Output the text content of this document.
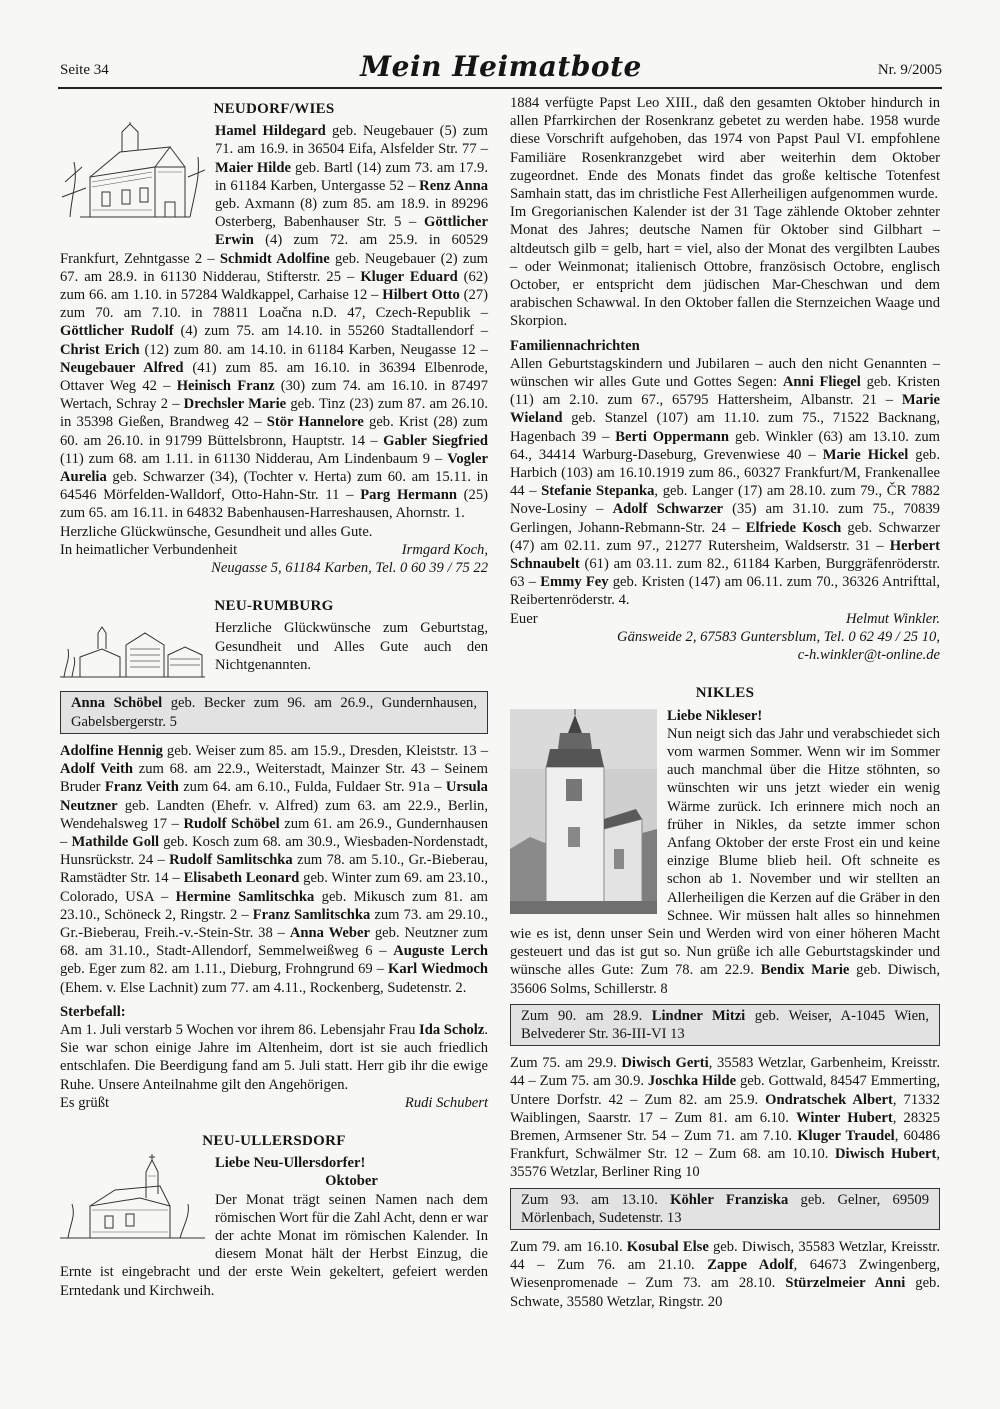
Seite 34	Mein Heimatbote	Nr. 9/2005
NEUDORF/WIES

Hamel Hildegard geb. Neugebauer (5) zum 71. am 16.9. in 36504 Eifa, Alsfelder Str. 77 – Maier Hilde geb. Bartl (14) zum 73. am 17.9. in 61184 Karben, Untergasse 52 – Renz Anna geb. Axmann (8) zum 85. am 18.9. in 89296 Osterberg, Babenhauser Str. 5 – Göttlicher Erwin (4) zum 72. am 25.9. in 60529 Frankfurt, Zehntgasse 2 – Schmidt Adolfine geb. Neugebauer (2) zum 67. am 28.9. in 61130 Nidderau, Stifterstr. 25 – Kluger Eduard (62) zum 66. am 1.10. in 57284 Waldkappel, Carhaise 12 – Hilbert Otto (27) zum 70. am 7.10. in 78811 Loačna n.D. 47, Czech-Republik – Göttlicher Rudolf (4) zum 75. am 14.10. in 55260 Stadtallendorf – Christ Erich (12) zum 80. am 14.10. in 61184 Karben, Neugasse 12 – Neugebauer Alfred (41) zum 85. am 16.10. in 36394 Elbenrode, Ottaver Weg 42 – Heinisch Franz (30) zum 74. am 16.10. in 87497 Wertach, Schray 2 – Drechsler Marie geb. Tinz (23) zum 87. am 26.10. in 35398 Gießen, Brandweg 42 – Stör Hannelore geb. Krist (28) zum 60. am 26.10. in 91799 Büttelsbronn, Hauptstr. 14 – Gabler Siegfried (11) zum 68. am 1.11. in 61130 Nidderau, Am Lindenbaum 9 – Vogler Aurelia geb. Schwarzer (34), (Tochter v. Herta) zum 60. am 15.11. in 64546 Mörfelden-Walldorf, Otto-Hahn-Str. 11 – Parg Hermann (25) zum 65. am 16.11. in 64832 Babenhausen-Harreshausen, Ahornstr. 1.

Herzliche Glückwünsche, Gesundheit und alles Gute.

In heimatlicher Verbundenheit	Irmgard Koch,

Neugasse 5, 61184 Karben, Tel. 0 60 39 / 75 22

NEU-RUMBURG

Herzliche Glückwünsche zum Geburtstag, Gesundheit und Alles Gute auch den Nichtgenannten.

Anna Schöbel geb. Becker zum 96. am 26.9., Gundernhausen, Gabelsbergerstr. 5

Adolfine Hennig geb. Weiser zum 85. am 15.9., Dresden, Kleiststr. 13 – Adolf Veith zum 68. am 22.9., Weiterstadt, Mainzer Str. 43 – Seinem Bruder Franz Veith zum 64. am 6.10., Fulda, Fuldaer Str. 91a – Ursula Neutzner geb. Landten (Ehefr. v. Alfred) zum 63. am 22.9., Berlin, Wendehalsweg 17 – Rudolf Schöbel zum 61. am 26.9., Gundernhausen – Mathilde Goll geb. Kosch zum 68. am 30.9., Wiesbaden-Nordenstadt, Hunsrückstr. 24 – Rudolf Samlitschka zum 78. am 5.10., Gr.-Bieberau, Ramstädter Str. 14 – Elisabeth Leonard geb. Winter zum 69. am 23.10., Colorado, USA – Hermine Samlitschka geb. Mikusch zum 81. am 23.10., Schöneck 2, Ringstr. 2 – Franz Samlitschka zum 73. am 29.10., Gr.-Bieberau, Freih.-v.-Stein-Str. 38 – Anna Weber geb. Neutzner zum 68. am 31.10., Stadt-Allendorf, Semmelweißweg 6 – Auguste Lerch geb. Eger zum 82. am 1.11., Dieburg, Frohngrund 69 – Karl Wiedmoch (Ehem. v. Else Lachnit) zum 77. am 4.11., Rockenberg, Sudetenstr. 2.

Sterbefall:

Am 1. Juli verstarb 5 Wochen vor ihrem 86. Lebensjahr Frau Ida Scholz. Sie war schon einige Jahre im Altenheim, dort ist sie auch friedlich entschlafen. Die Beerdigung fand am 5. Juli statt. Herr gib ihr die ewige Ruhe. Unsere Anteilnahme gilt den Angehörigen.

Es grüßt	Rudi Schubert
NEU-ULLERSDORF

Liebe Neu-Ullersdorfer!

Oktober

Der Monat trägt seinen Namen nach dem römischen Wort für die Zahl Acht, denn er war der achte Monat im römischen Kalender. In diesem Monat hält der Herbst Einzug, die Ernte ist eingebracht und der erste Wein gekeltert, gefeiert werden Erntedank und Kirchweih.

1884 verfügte Papst Leo XIII., daß den gesamten Oktober hindurch in allen Pfarrkirchen der Rosenkranz gebetet zu werden habe. 1958 wurde diese Vorschrift aufgehoben, das 1974 von Papst Paul VI. empfohlene Familiäre Rosenkranzgebet wird aber weiterhin dem Oktober zugeordnet. Ende des Monats findet das große keltische Totenfest Samhain statt, das im christliche Fest Allerheiligen aufgenommen wurde.

Im Gregorianischen Kalender ist der 31 Tage zählende Oktober zehnter Monat des Jahres; deutsche Namen für Oktober sind Gilbhart – altdeutsch gilb = gelb, hart = viel, also der Monat des vergilbten Laubes – oder Weinmonat; italienisch Ottobre, französisch Octobre, englisch October, er entspricht dem jüdischen Mar-Cheschwan und dem arabischen Schawwal. In den Oktober fallen die Sternzeichen Waage und Skorpion.

Familiennachrichten

Allen Geburtstagskindern und Jubilaren – auch den nicht Genannten – wünschen wir alles Gute und Gottes Segen: Anni Fliegel geb. Kristen (11) am 2.10. zum 67., 65795 Hattersheim, Albanstr. 21 – Marie Wieland geb. Stanzel (107) am 11.10. zum 75., 71522 Backnang, Hagenbach 39 – Berti Oppermann geb. Winkler (63) am 13.10. zum 64., 34414 Warburg-Daseburg, Grevenwiese 40 – Marie Hickel geb. Harbich (103) am 16.10.1919 zum 86., 60327 Frankfurt/M, Frankenallee 44 – Stefanie Stepanka, geb. Langer (17) am 28.10. zum 79., ČR 7882 Nove-Losiny – Adolf Schwarzer (35) am 31.10. zum 75., 70839 Gerlingen, Johann-Rebmann-Str. 24 – Elfriede Kosch geb. Schwarzer (47) am 02.11. zum 97., 21277 Rutersheim, Waldserstr. 31 – Herbert Schnaubelt (61) am 03.11. zum 82., 61184 Karben, Burggräfenröderstr. 63 – Emmy Fey geb. Kristen (147) am 06.11. zum 70., 36326 Antrifttal, Reibertenröderstr. 4.

Euer	Helmut Winkler.

Gänsweide 2, 67583 Guntersblum, Tel. 0 62 49 / 25 10,

c-h.winkler@t-online.de

NIKLES

Liebe Nikleser!

Nun neigt sich das Jahr und verabschiedet sich vom warmen Sommer. Wenn wir im Sommer auch manchmal über die Hitze stöhnten, so wünschten wir uns jetzt wieder ein wenig Wärme zurück. Ich erinnere mich noch an früher in Nikles, da setzte immer schon Anfang Oktober der erste Frost ein und keine einzige Blume blieb heil. Oft schneite es schon ab 1. November und wir stellten an Allerheiligen die Kerzen auf die Gräber in den Schnee. Wir müssen halt alles so hinnehmen wie es ist, denn unser Sein und Werden wird von einer höheren Macht gesteuert und das ist gut so. Nun grüße ich alle Geburtstagskinder und wünsche alles Gute: Zum 78. am 22.9. Bendix Marie geb. Diwisch, 35606 Solms, Schillerstr. 8

Zum 90. am 28.9. Lindner Mitzi geb. Weiser, A-1045 Wien, Belvederer Str. 36-III-VI 13

Zum 75. am 29.9. Diwisch Gerti, 35583 Wetzlar, Garbenheim, Kreisstr. 44 – Zum 75. am 30.9. Joschka Hilde geb. Gottwald, 84547 Emmerting, Untere Dorfstr. 42 – Zum 82. am 25.9. Ondratschek Albert, 71332 Waiblingen, Saarstr. 17 – Zum 81. am 6.10. Winter Hubert, 28325 Bremen, Armsener Str. 54 – Zum 71. am 7.10. Kluger Traudel, 60486 Frankfurt, Schwälmer Str. 12 – Zum 68. am 10.10. Diwisch Hubert, 35576 Wetzlar, Berliner Ring 10

Zum 93. am 13.10. Köhler Franziska geb. Gelner, 69509 Mörlenbach, Sudetenstr. 13

Zum 79. am 16.10. Kosubal Else geb. Diwisch, 35583 Wetzlar, Kreisstr. 44 – Zum 76. am 21.10. Zappe Adolf, 64673 Zwingenberg, Wiesenpromenade – Zum 73. am 28.10. Stürzelmeier Anni geb. Schwate, 35580 Wetzlar, Ringstr. 20
